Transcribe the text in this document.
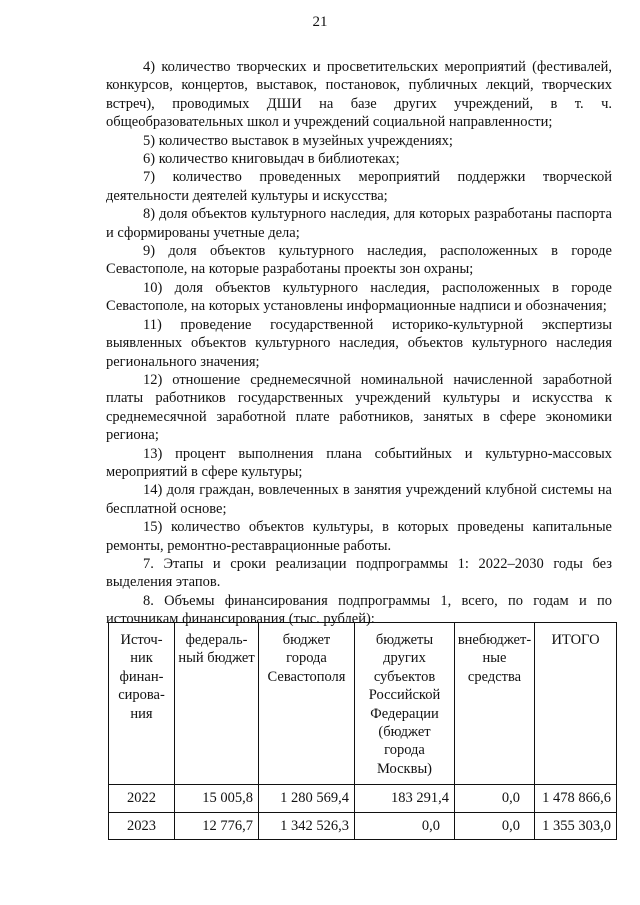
21

4) количество творческих и просветительских мероприятий (фестивалей, конкурсов, концертов, выставок, постановок, публичных лекций, творческих встреч), проводимых ДШИ на базе других учреждений, в т. ч. общеобразовательных школ и учреждений социальной направленности;

5) количество выставок в музейных учреждениях;

6) количество книговыдач в библиотеках;

7) количество проведенных мероприятий поддержки творческой деятельности деятелей культуры и искусства;

8) доля объектов культурного наследия, для которых разработаны паспорта и сформированы учетные дела;

9) доля объектов культурного наследия, расположенных в городе Севастополе, на которые разработаны проекты зон охраны;

10) доля объектов культурного наследия, расположенных в городе Севастополе, на которых установлены информационные надписи и обозначения;

11) проведение государственной историко-культурной экспертизы выявленных объектов культурного наследия, объектов культурного наследия регионального значения;

12) отношение среднемесячной номинальной начисленной заработной платы работников государственных учреждений культуры и искусства к среднемесячной заработной плате работников, занятых в сфере экономики региона;

13) процент выполнения плана событийных и культурно-массовых мероприятий в сфере культуры;

14) доля граждан, вовлеченных в занятия учреждений клубной системы на бесплатной основе;

15) количество объектов культуры, в которых проведены капитальные ремонты, ремонтно-реставрационные работы.

7. Этапы и сроки реализации подпрограммы 1: 2022–2030 годы без выделения этапов.

8. Объемы финансирования подпрограммы 1, всего, по годам и по источникам финансирования (тыс. рублей):

Источ-ник финан-сирова-ния	федераль-ный бюджет	бюджет города Севастополя	бюджеты других субъектов Российской Федерации (бюджет города Москвы)	внебюджет-ные средства	ИТОГО
2022	15 005,8	1 280 569,4	183 291,4	0,0	1 478 866,6
2023	12 776,7	1 342 526,3	0,0	0,0	1 355 303,0
